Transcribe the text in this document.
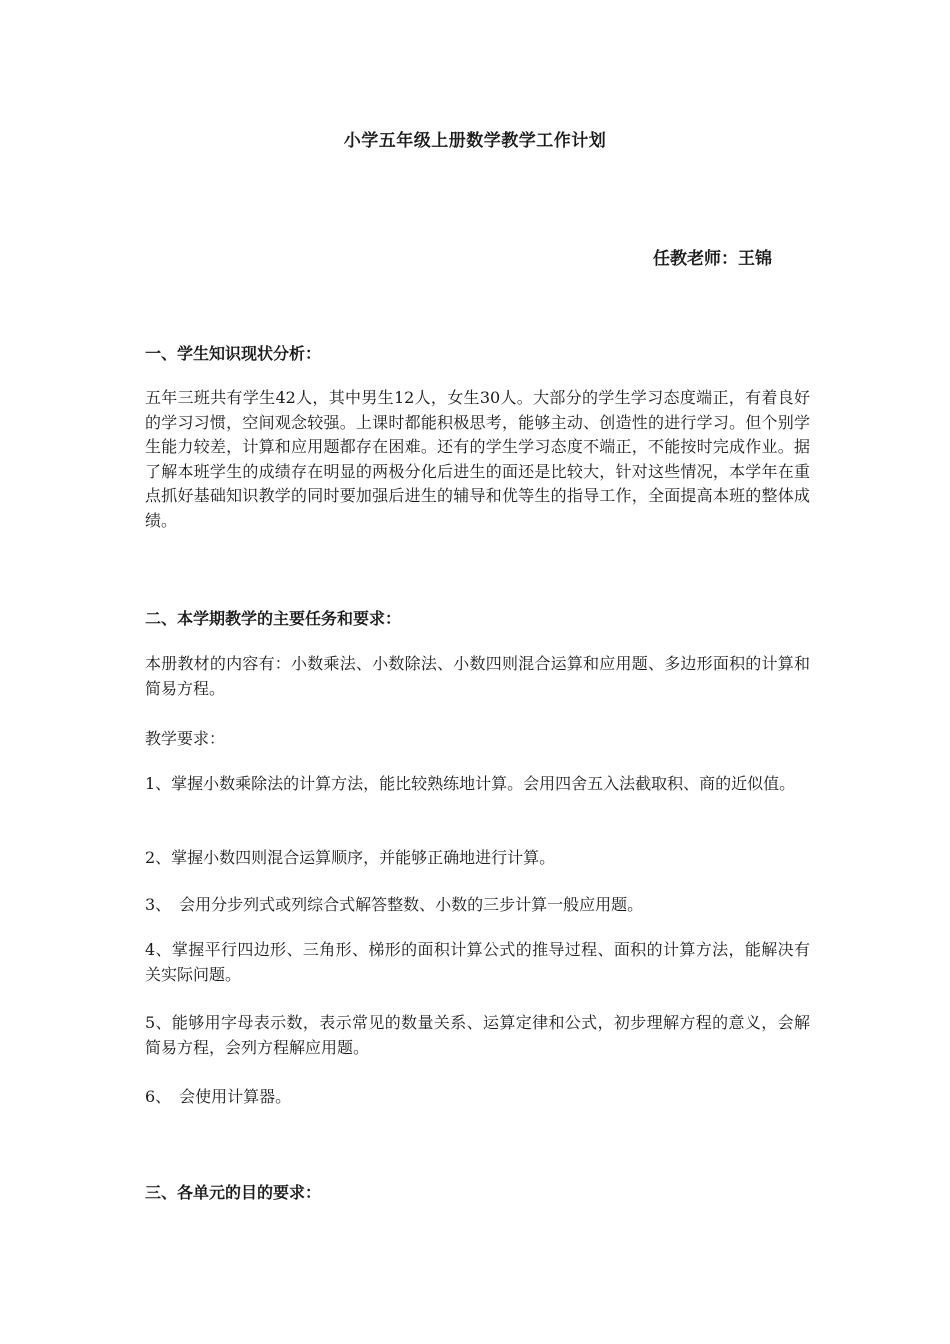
小学五年级上册数学教学工作计划
任教老师：王锦
一、学生知识现状分析：
五年三班共有学生42人，其中男生12人，女生30人。大部分的学生学习态度端正，有着良好的学习习惯，空间观念较强。上课时都能积极思考，能够主动、创造性的进行学习。但个别学生能力较差，计算和应用题都存在困难。还有的学生学习态度不端正，不能按时完成作业。据了解本班学生的成绩存在明显的两极分化后进生的面还是比较大，针对这些情况，本学年在重点抓好基础知识教学的同时要加强后进生的辅导和优等生的指导工作，全面提高本班的整体成绩。
二、本学期教学的主要任务和要求：
本册教材的内容有：小数乘法、小数除法、小数四则混合运算和应用题、多边形面积的计算和简易方程。
教学要求：
1、掌握小数乘除法的计算方法，能比较熟练地计算。会用四舍五入法截取积、商的近似值。
2、掌握小数四则混合运算顺序，并能够正确地进行计算。
3、　会用分步列式或列综合式解答整数、小数的三步计算一般应用题。
4、掌握平行四边形、三角形、梯形的面积计算公式的推导过程、面积的计算方法，能解决有关实际问题。
5、能够用字母表示数，表示常见的数量关系、运算定律和公式，初步理解方程的意义，会解简易方程，会列方程解应用题。
6、　会使用计算器。
三、各单元的目的要求：
